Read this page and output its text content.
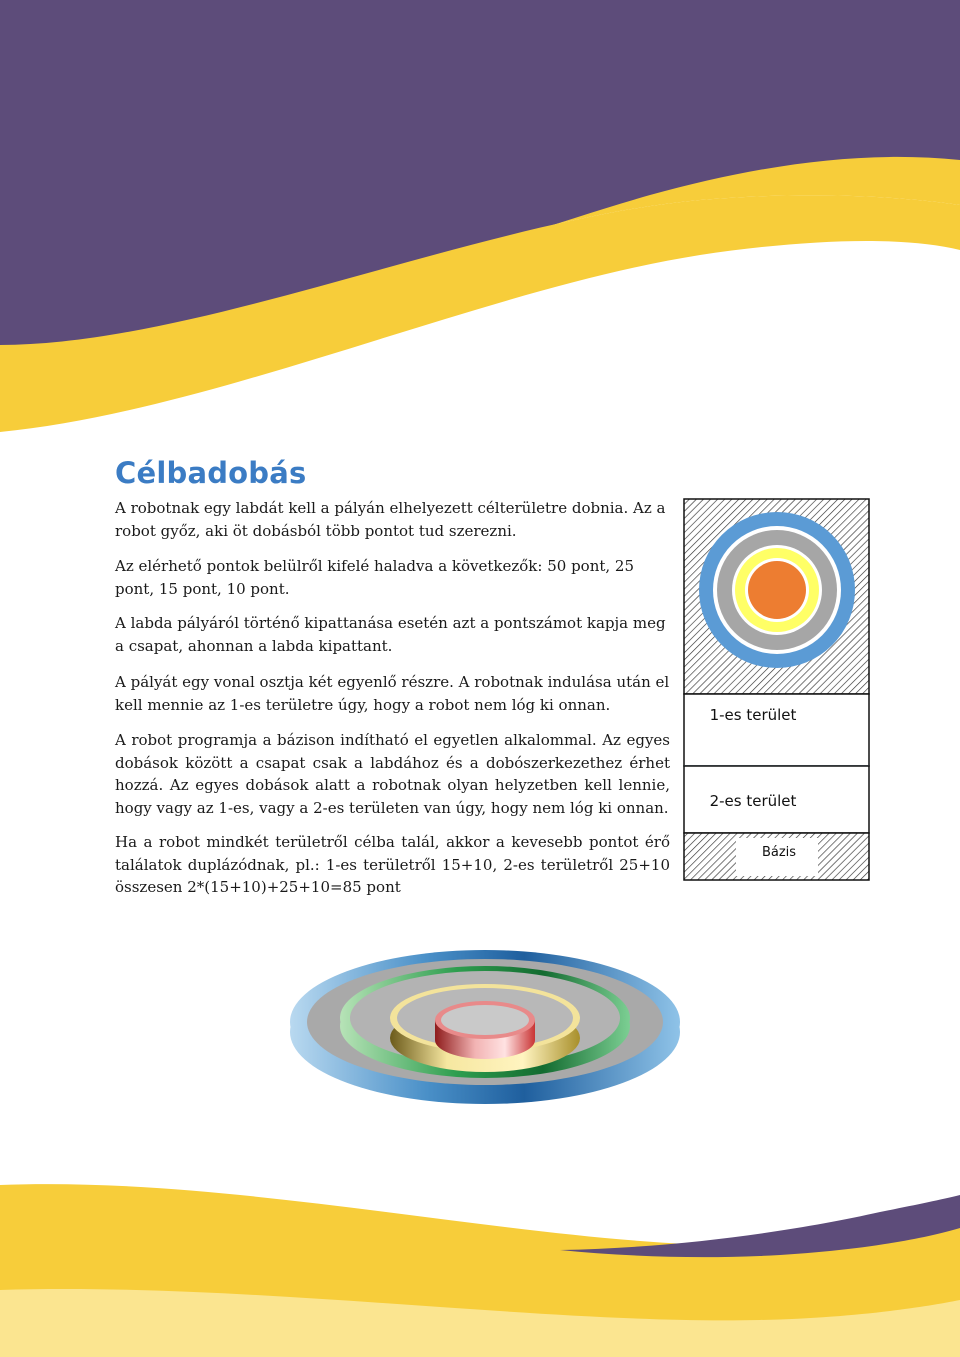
Célbadobás

A robotnak egy labdát kell a pályán elhelyezett célterületre dobnia. Az a robot győz, aki öt dobásból több pontot tud szerezni.

Az elérhető pontok belülről kifelé haladva a következők: 50 pont, 25 pont, 15 pont, 10 pont.

A labda pályáról történő kipattanása esetén azt a pontszámot kapja meg a csapat, ahonnan a labda kipattant.

A pályát egy vonal osztja két egyenlő részre. A robotnak indulása után el kell mennie az 1-es területre úgy, hogy a robot nem lóg ki onnan.

A robot programja a bázison indítható el egyetlen alkalommal. Az egyes dobások között a csapat csak a labdához és a dobószerkezethez érhet hozzá. Az egyes dobások alatt a robotnak olyan helyzetben kell lennie, hogy vagy az 1-es, vagy a 2-es területen van úgy, hogy nem lóg ki onnan.

Ha a robot mindkét területről célba talál, akkor a kevesebb pontot érő találatok duplázódnak, pl.: 1-es területről 15+10, 2-es területről 25+10 összesen 2*(15+10)+25+10=85 pont

1-es terület
2-es terület
Bázis
